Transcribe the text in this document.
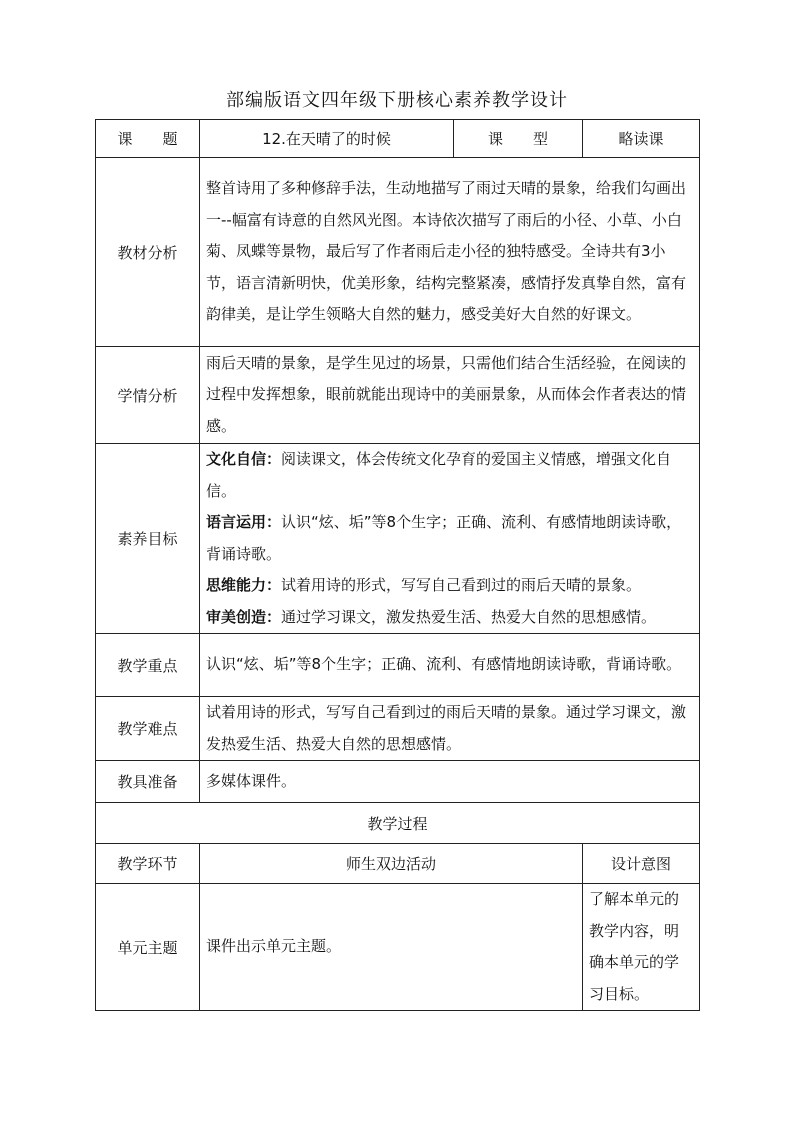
部编版语文四年级下册核心素养教学设计
课　　题	12.在天晴了的时候	课　　型	略读课
教材分析	整首诗用了多种修辞手法，生动地描写了雨过天晴的景象，给我们勾画出一--幅富有诗意的自然风光图。本诗依次描写了雨后的小径、小草、小白菊、凤蝶等景物，最后写了作者雨后走小径的独特感受。全诗共有3小节，语言清新明快，优美形象，结构完整紧凑，感情抒发真挚自然，富有韵律美，是让学生领略大自然的魅力，感受美好大自然的好课文。		
学情分析	雨后天晴的景象，是学生见过的场景，只需他们结合生活经验，在阅读的过程中发挥想象，眼前就能出现诗中的美丽景象，从而体会作者表达的情感。		
素养目标	文化自信：阅读课文，体会传统文化孕育的爱国主义情感，增强文化自信。
语言运用：认识“炫、垢”等8个生字；正确、流利、有感情地朗读诗歌，背诵诗歌。
思维能力：试着用诗的形式，写写自己看到过的雨后天晴的景象。
审美创造：通过学习课文，激发热爱生活、热爱大自然的思想感情。		

教学重点	认识“炫、垢”等8个生字；正确、流利、有感情地朗读诗歌，背诵诗歌。		
教学难点	试着用诗的形式，写写自己看到过的雨后天晴的景象。通过学习课文，激发热爱生活、热爱大自然的思想感情。		
教具准备	多媒体课件。		
教学过程			
教学环节	师生双边活动		设计意图
单元主题	课件出示单元主题。		了解本单元的教学内容，明确本单元的学习目标。
